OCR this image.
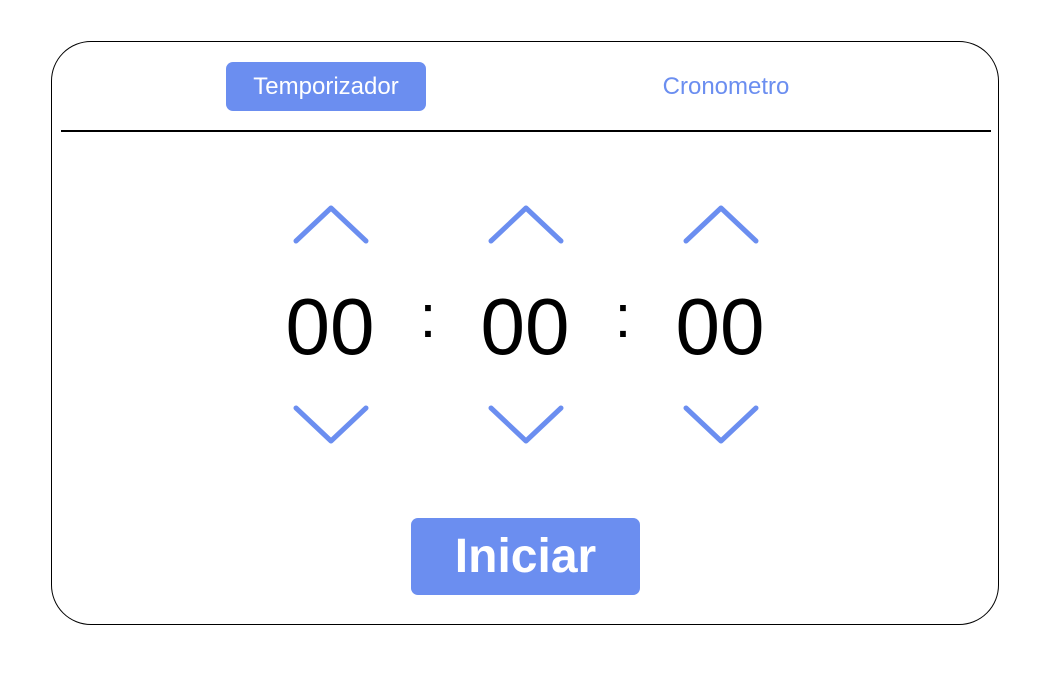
Temporizador	Cronometro
00 : 00 : 00
Iniciar
